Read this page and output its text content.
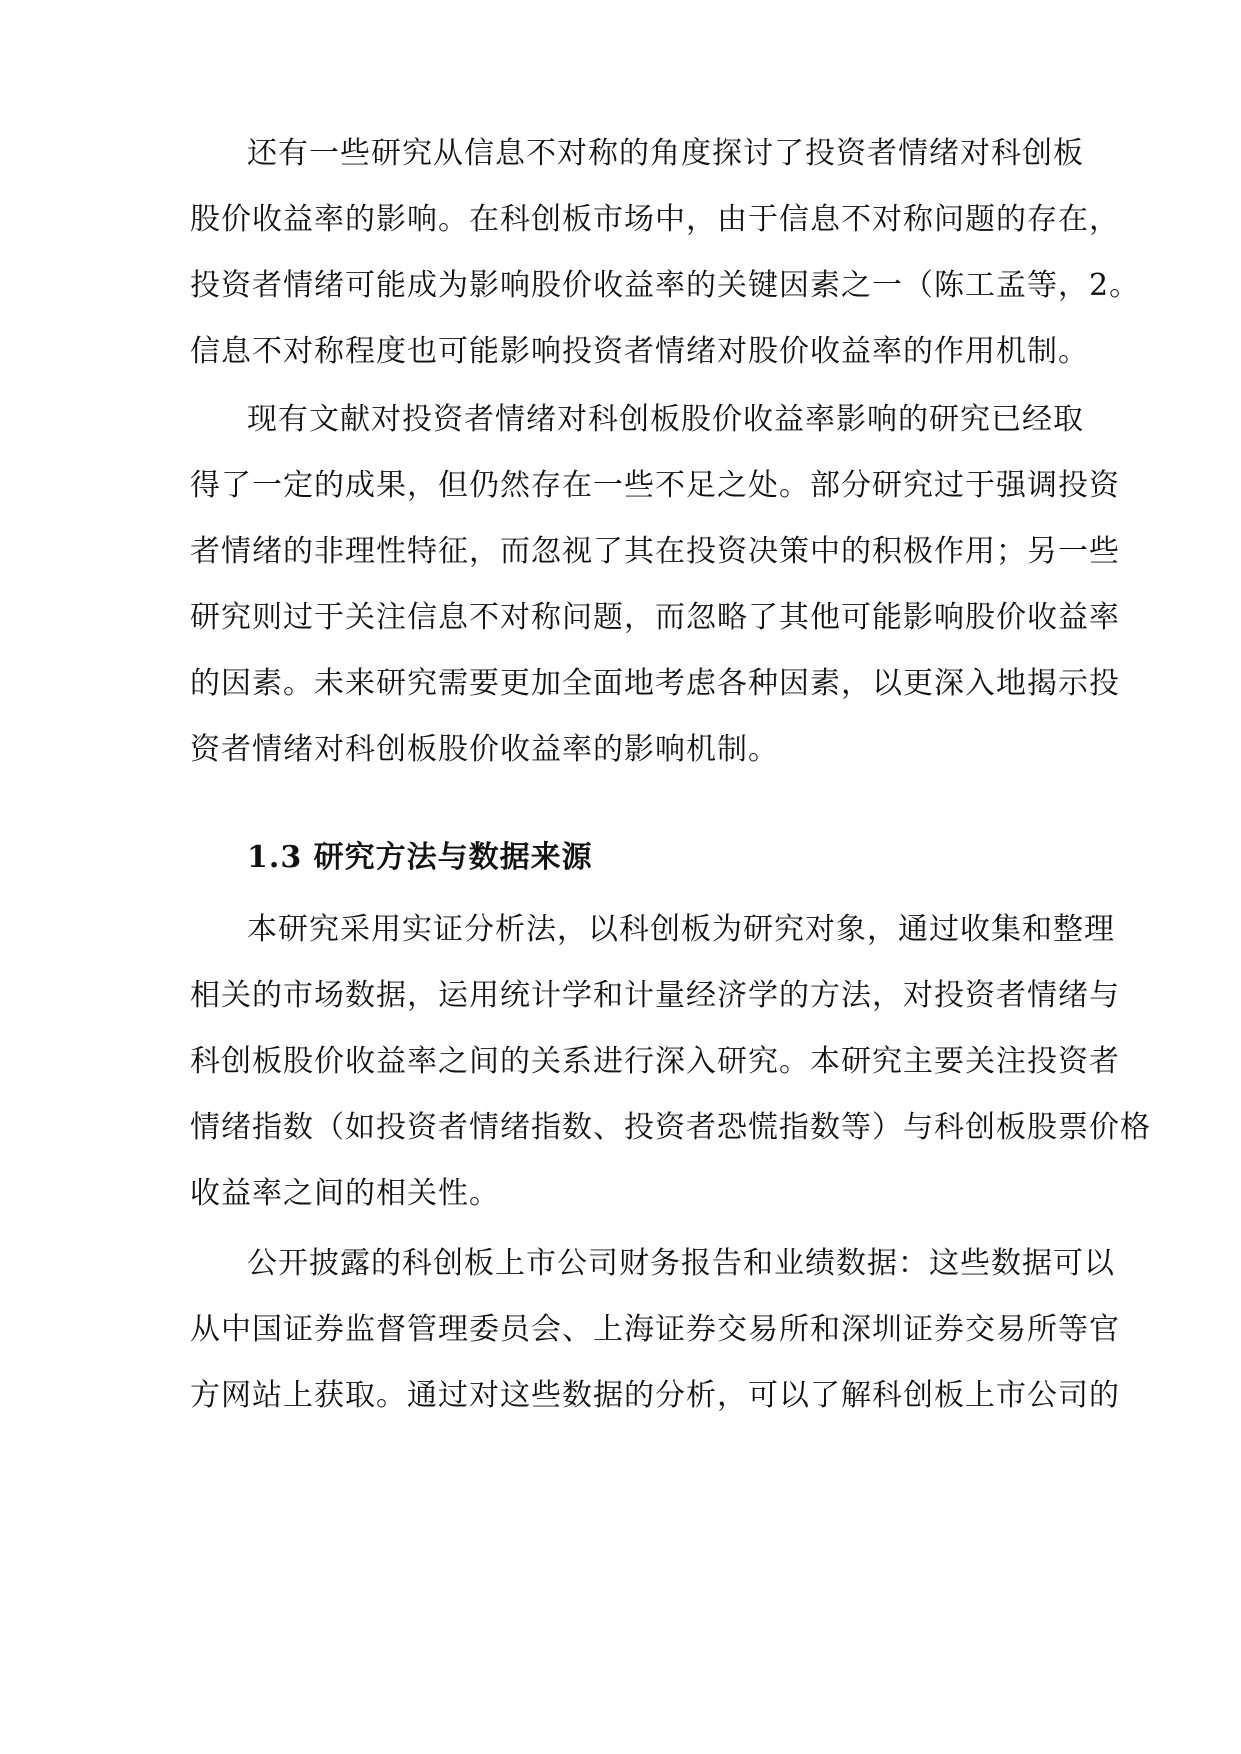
还有一些研究从信息不对称的角度探讨了投资者情绪对科创板
股价收益率的影响。在科创板市场中，由于信息不对称问题的存在，
投资者情绪可能成为影响股价收益率的关键因素之一（陈工孟等，2。
信息不对称程度也可能影响投资者情绪对股价收益率的作用机制。
现有文献对投资者情绪对科创板股价收益率影响的研究已经取
得了一定的成果，但仍然存在一些不足之处。部分研究过于强调投资
者情绪的非理性特征，而忽视了其在投资决策中的积极作用；另一些
研究则过于关注信息不对称问题，而忽略了其他可能影响股价收益率
的因素。未来研究需要更加全面地考虑各种因素，以更深入地揭示投
资者情绪对科创板股价收益率的影响机制。
1.3 研究方法与数据来源
本研究采用实证分析法，以科创板为研究对象，通过收集和整理
相关的市场数据，运用统计学和计量经济学的方法，对投资者情绪与
科创板股价收益率之间的关系进行深入研究。本研究主要关注投资者
情绪指数（如投资者情绪指数、投资者恐慌指数等）与科创板股票价格
收益率之间的相关性。
公开披露的科创板上市公司财务报告和业绩数据：这些数据可以
从中国证券监督管理委员会、上海证券交易所和深圳证券交易所等官
方网站上获取。通过对这些数据的分析，可以了解科创板上市公司的
